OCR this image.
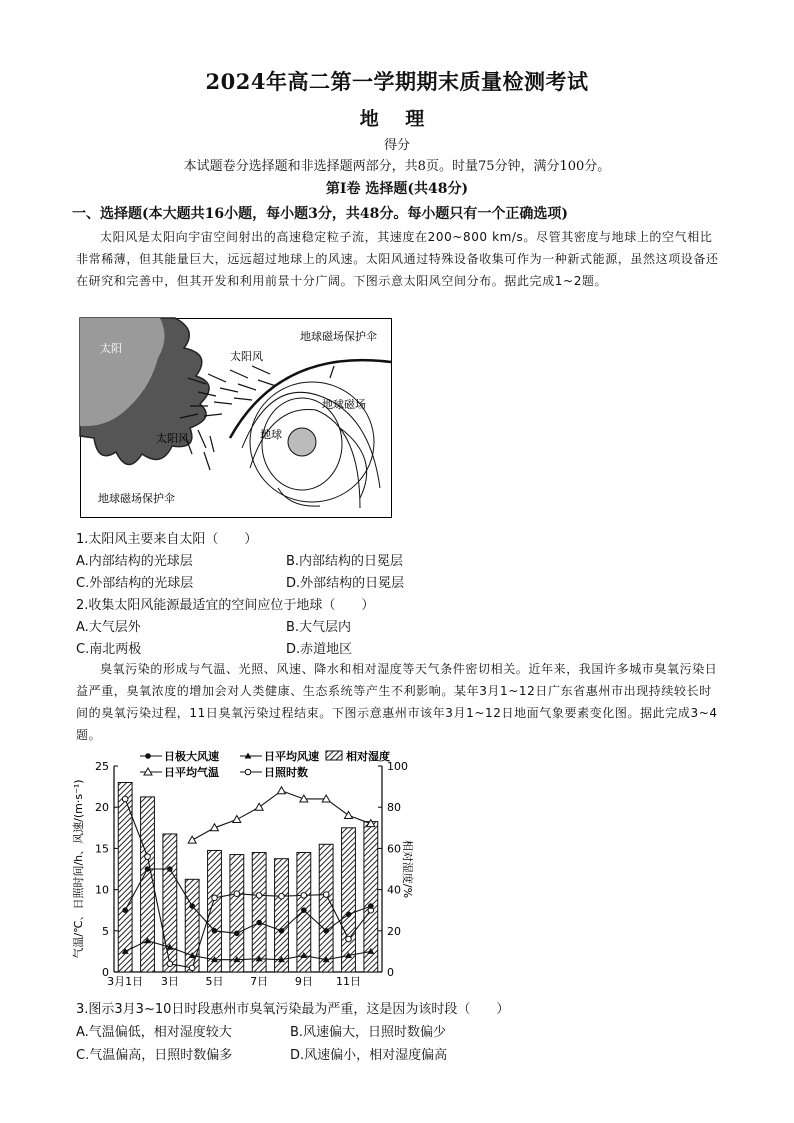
2024年高二第一学期期末质量检测考试
地 理
得分
本试题卷分选择题和非选择题两部分，共8页。时量75分钟，满分100分。
第Ⅰ卷 选择题(共48分)
一、选择题(本大题共16小题，每小题3分，共48分。每小题只有一个正确选项)
太阳风是太阳向宇宙空间射出的高速稳定粒子流，其速度在200~800 km/s。尽管其密度与地球上的空气相比非常稀薄，但其能量巨大，远远超过地球上的风速。太阳风通过特殊设备收集可作为一种新式能源，虽然这项设备还在研究和完善中，但其开发和利用前景十分广阔。下图示意太阳风空间分布。据此完成1~2题。
太阳
太阳风
太阳风
地球磁场保护伞
地球磁场
地球
地球磁场保护伞
1.太阳风主要来自太阳（　　）
A.内部结构的光球层	B.内部结构的日冕层
C.外部结构的光球层	D.外部结构的日冕层
2.收集太阳风能源最适宜的空间应位于地球（　　）
A.大气层外	B.大气层内
C.南北两极	D.赤道地区
臭氧污染的形成与气温、光照、风速、降水和相对湿度等天气条件密切相关。近年来，我国许多城市臭氧污染日益严重，臭氧浓度的增加会对人类健康、生态系统等产生不利影响。某年3月1~12日广东省惠州市出现持续较长时间的臭氧污染过程，11日臭氧污染过程结束。下图示意惠州市该年3月1~12日地面气象要素变化图。据此完成3~4题。
0
5
10
15
20
25
0
20
40
60
80
100
3月1日 3日 5日 7日 9日 11日
气温/℃、日照时间/h、风速/(m·s⁻¹)	相对湿度/%
日极大风速	日平均风速 相对湿度
日平均气温	日照时数
3.图示3月3~10日时段惠州市臭氧污染最为严重，这是因为该时段（　　）
A.气温偏低，相对湿度较大	B.风速偏大，日照时数偏少
C.气温偏高，日照时数偏多	D.风速偏小，相对湿度偏高
